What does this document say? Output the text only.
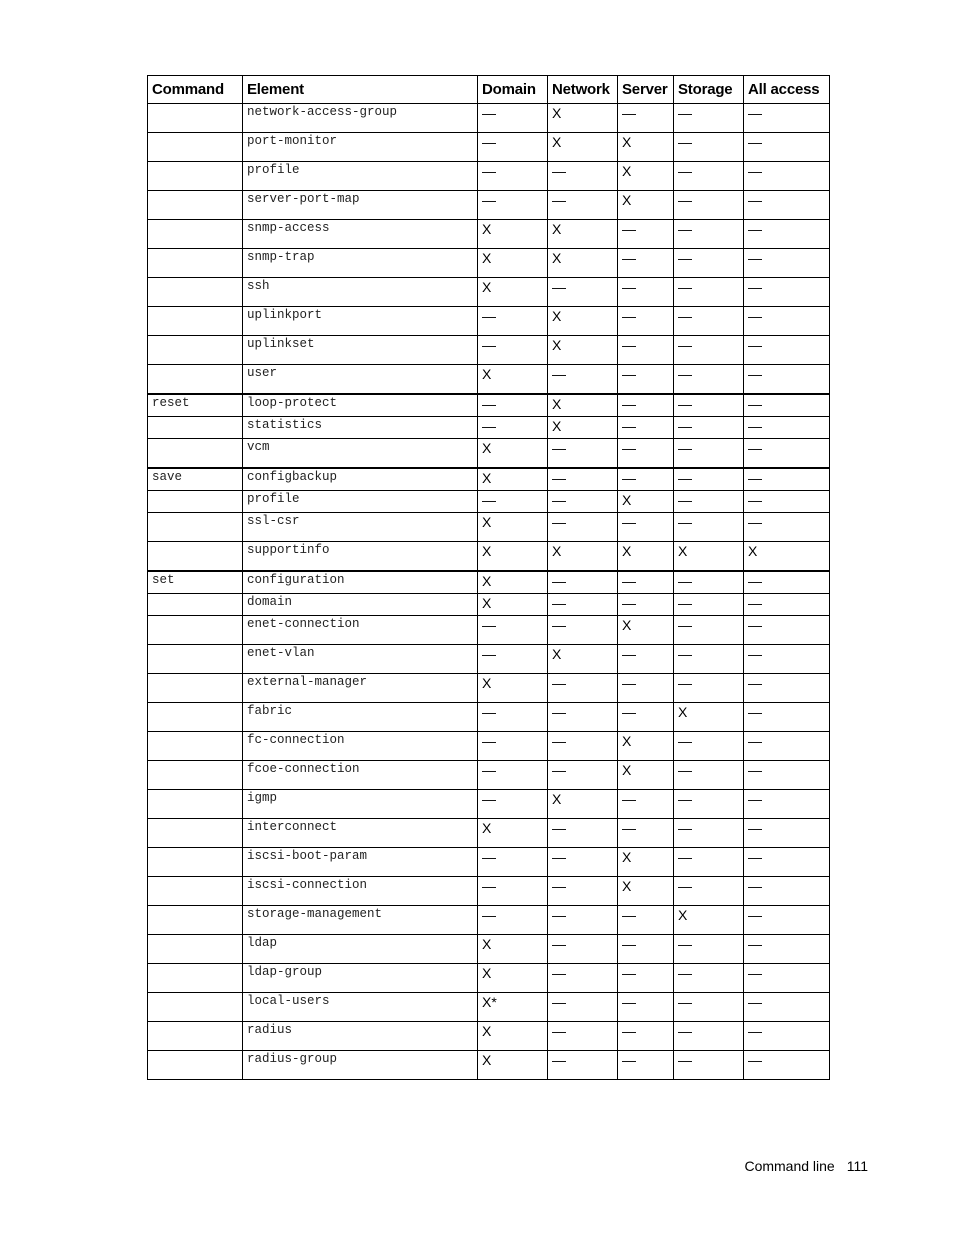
Command	Element	Domain	Network	Server	Storage	All access
	network-access-group	—	X	—	—	—
	port-monitor	—	X	X	—	—
	profile	—	—	X	—	—
	server-port-map	—	—	X	—	—
	snmp-access	X	X	—	—	—
	snmp-trap	X	X	—	—	—
	ssh	X	—	—	—	—
	uplinkport	—	X	—	—	—
	uplinkset	—	X	—	—	—
	user	X	—	—	—	—
reset	loop-protect	—	X	—	—	—
	statistics	—	X	—	—	—
	vcm	X	—	—	—	—
save	configbackup	X	—	—	—	—
	profile	—	—	X	—	—
	ssl-csr	X	—	—	—	—
	supportinfo	X	X	X	X	X
set	configuration	X	—	—	—	—
	domain	X	—	—	—	—
	enet-connection	—	—	X	—	—
	enet-vlan	—	X	—	—	—
	external-manager	X	—	—	—	—
	fabric	—	—	—	X	—
	fc-connection	—	—	X	—	—
	fcoe-connection	—	—	X	—	—
	igmp	—	X	—	—	—
	interconnect	X	—	—	—	—
	iscsi-boot-param	—	—	X	—	—
	iscsi-connection	—	—	X	—	—
	storage-management	—	—	—	X	—
	ldap	X	—	—	—	—
	ldap-group	X	—	—	—	—
	local-users	X*	—	—	—	—
	radius	X	—	—	—	—
	radius-group	X	—	—	—	—
Command line 111
